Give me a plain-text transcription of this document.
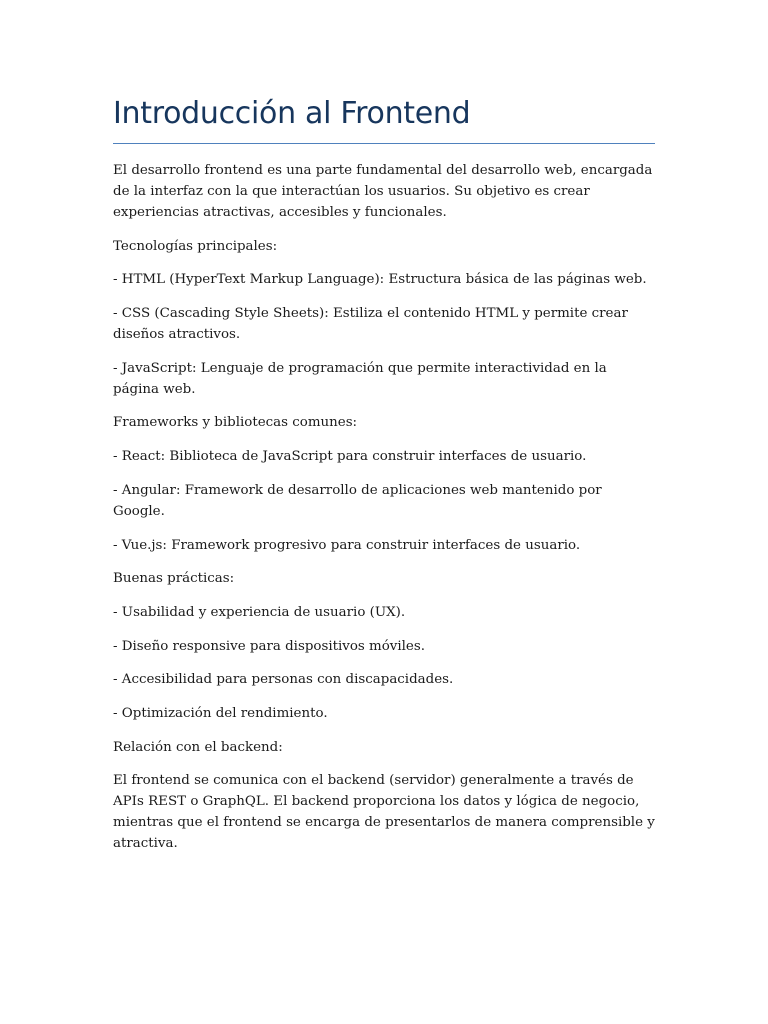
Introducción al Frontend

El desarrollo frontend es una parte fundamental del desarrollo web, encargada de la interfaz con la que interactúan los usuarios. Su objetivo es crear experiencias atractivas, accesibles y funcionales.

Tecnologías principales:

- HTML (HyperText Markup Language): Estructura básica de las páginas web.

- CSS (Cascading Style Sheets): Estiliza el contenido HTML y permite crear diseños atractivos.

- JavaScript: Lenguaje de programación que permite interactividad en la página web.

Frameworks y bibliotecas comunes:

- React: Biblioteca de JavaScript para construir interfaces de usuario.

- Angular: Framework de desarrollo de aplicaciones web mantenido por Google.

- Vue.js: Framework progresivo para construir interfaces de usuario.

Buenas prácticas:

- Usabilidad y experiencia de usuario (UX).

- Diseño responsive para dispositivos móviles.

- Accesibilidad para personas con discapacidades.

- Optimización del rendimiento.

Relación con el backend:

El frontend se comunica con el backend (servidor) generalmente a través de APIs REST o GraphQL. El backend proporciona los datos y lógica de negocio, mientras que el frontend se encarga de presentarlos de manera comprensible y atractiva.
